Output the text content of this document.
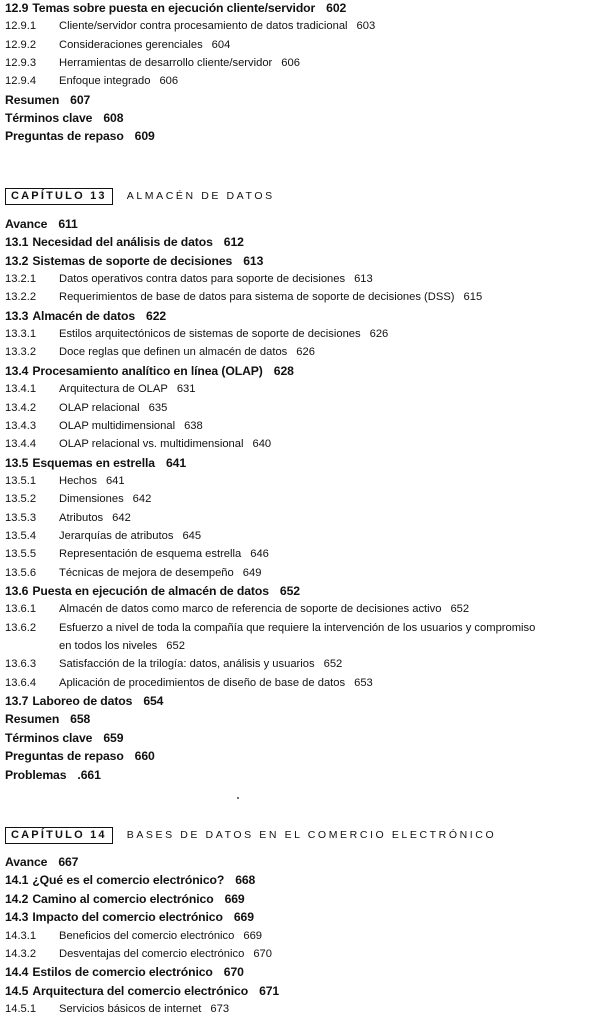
12.9 Temas sobre puesta en ejecución cliente/servidor 602
12.9.1 Cliente/servidor contra procesamiento de datos tradicional 603
12.9.2 Consideraciones gerenciales 604
12.9.3 Herramientas de desarrollo cliente/servidor 606
12.9.4 Enfoque integrado 606
Resumen 607
Términos clave 608
Preguntas de repaso 609
CAPÍTULO 13	ALMACÉN DE DATOS
Avance 611
13.1 Necesidad del análisis de datos 612
13.2 Sistemas de soporte de decisiones 613
13.2.1 Datos operativos contra datos para soporte de decisiones 613
13.2.2 Requerimientos de base de datos para sistema de soporte de decisiones (DSS) 615
13.3 Almacén de datos 622
13.3.1 Estilos arquitectónicos de sistemas de soporte de decisiones 626
13.3.2 Doce reglas que definen un almacén de datos 626
13.4 Procesamiento analítico en línea (OLAP) 628
13.4.1 Arquitectura de OLAP 631
13.4.2 OLAP relacional 635
13.4.3 OLAP multidimensional 638
13.4.4 OLAP relacional vs. multidimensional 640
13.5 Esquemas en estrella 641
13.5.1 Hechos 641
13.5.2 Dimensiones 642
13.5.3 Atributos 642
13.5.4 Jerarquías de atributos 645
13.5.5 Representación de esquema estrella 646
13.5.6 Técnicas de mejora de desempeño 649
13.6 Puesta en ejecución de almacén de datos 652
13.6.1 Almacén de datos como marco de referencia de soporte de decisiones activo 652
13.6.2 Esfuerzo a nivel de toda la compañía que requiere la intervención de los usuarios y compromiso
en todos los niveles 652
13.6.3 Satisfacción de la trilogía: datos, análisis y usuarios 652
13.6.4 Aplicación de procedimientos de diseño de base de datos 653
13.7 Laboreo de datos 654
Resumen 658
Términos clave 659
Preguntas de repaso 660
Problemas .661
CAPÍTULO 14	BASES DE DATOS EN EL COMERCIO ELECTRÓNICO
Avance 667
14.1 ¿Qué es el comercio electrónico? 668
14.2 Camino al comercio electrónico 669
14.3 Impacto del comercio electrónico 669
14.3.1 Beneficios del comercio electrónico 669
14.3.2 Desventajas del comercio electrónico 670
14.4 Estilos de comercio electrónico 670
14.5 Arquitectura del comercio electrónico 671
14.5.1 Servicios básicos de internet 673
